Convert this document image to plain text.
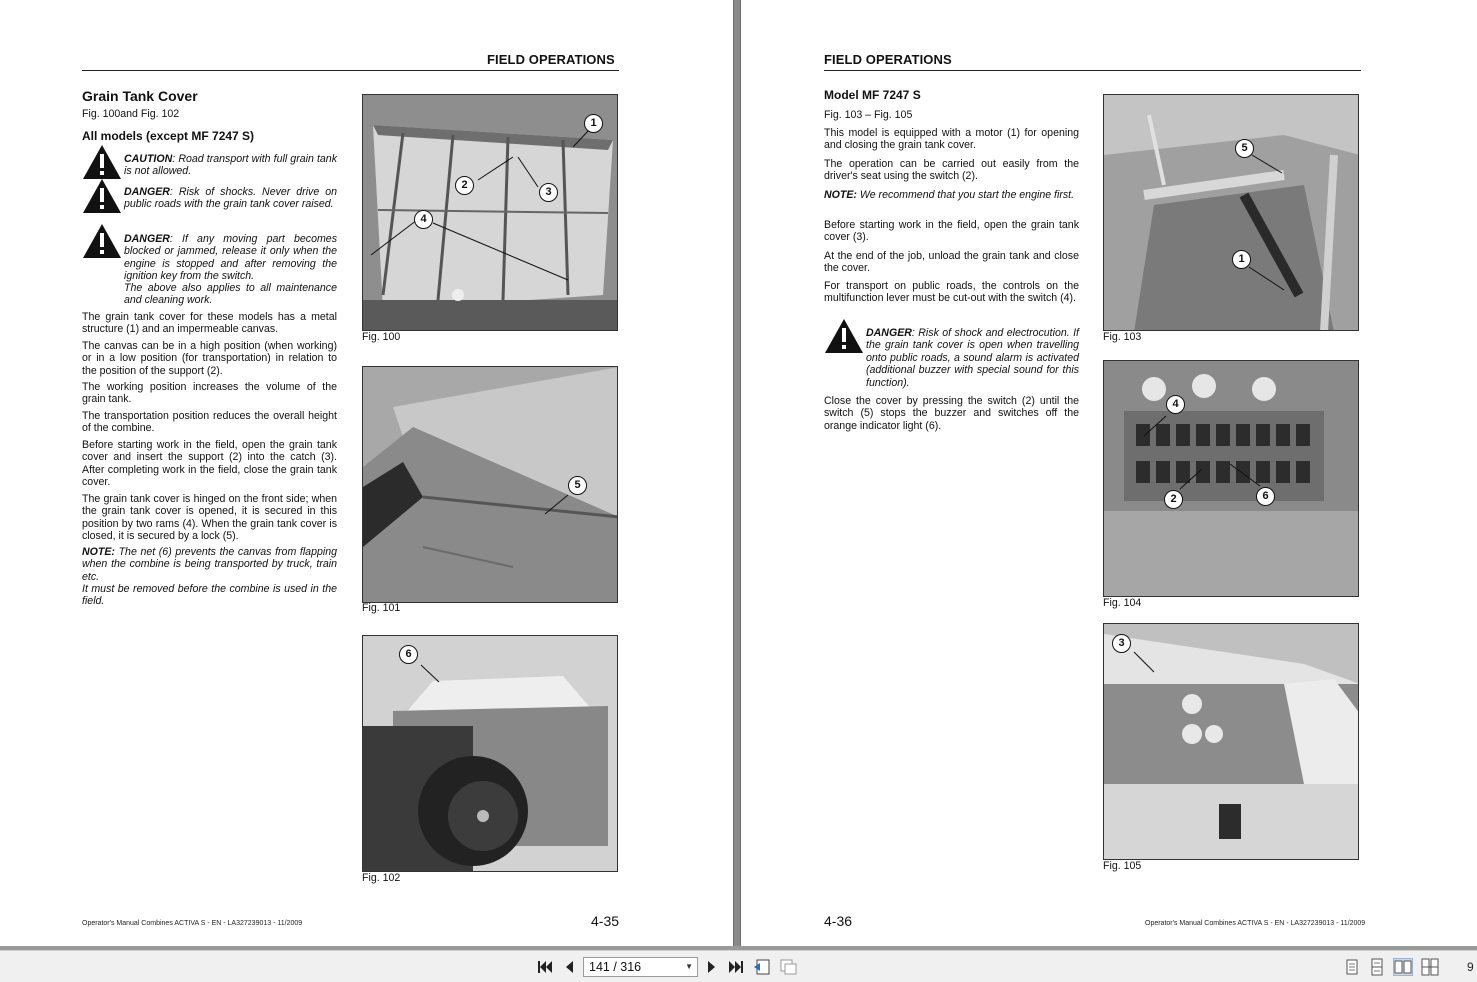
FIELD OPERATIONS
Grain Tank Cover
Fig. 100and Fig. 102
All models (except MF 7247 S)
CAUTION: Road transport with full grain tank is not allowed.
DANGER: Risk of shocks. Never drive on public roads with the grain tank cover raised.
DANGER: If any moving part becomes blocked or jammed, release it only when the engine is stopped and after removing the ignition key from the switch.
The above also applies to all maintenance and cleaning work.
The grain tank cover for these models has a metal structure (1) and an impermeable canvas.
The canvas can be in a high position (when working) or in a low position (for transportation) in relation to the position of the support (2).
The working position increases the volume of the grain tank.
The transportation position reduces the overall height of the combine.
Before starting work in the field, open the grain tank cover and insert the support (2) into the catch (3). After completing work in the field, close the grain tank cover.
The grain tank cover is hinged on the front side; when the grain tank cover is opened, it is secured in this position by two rams (4). When the grain tank cover is closed, it is secured by a lock (5).
NOTE: The net (6) prevents the canvas from flapping when the combine is being transported by truck, train etc.
It must be removed before the combine is used in the field.
1
2
3
4
Fig. 100
5
Fig. 101
6
Fig. 102
Operator's Manual Combines ACTIVA S - EN - LA327239013 - 11/2009	4-35
FIELD OPERATIONS
Model MF 7247 S
Fig. 103 – Fig. 105
This model is equipped with a motor (1) for opening and closing the grain tank cover.
The operation can be carried out easily from the driver's seat using the switch (2).
NOTE: We recommend that you start the engine first.
Before starting work in the field, open the grain tank cover (3).
At the end of the job, unload the grain tank and close the cover.
For transport on public roads, the controls on the multifunction lever must be cut-out with the switch (4).
DANGER: Risk of shock and electrocution. If the grain tank cover is open when travelling onto public roads, a sound alarm is activated (additional buzzer with special sound for this function).
Close the cover by pressing the switch (2) until the switch (5) stops the buzzer and switches off the orange indicator light (6).
5
1
Fig. 103
4
2	6
Fig. 104
3
Fig. 105
4-36	Operator's Manual Combines ACTIVA S - EN - LA327239013 - 11/2009
141 / 316	▼	9
